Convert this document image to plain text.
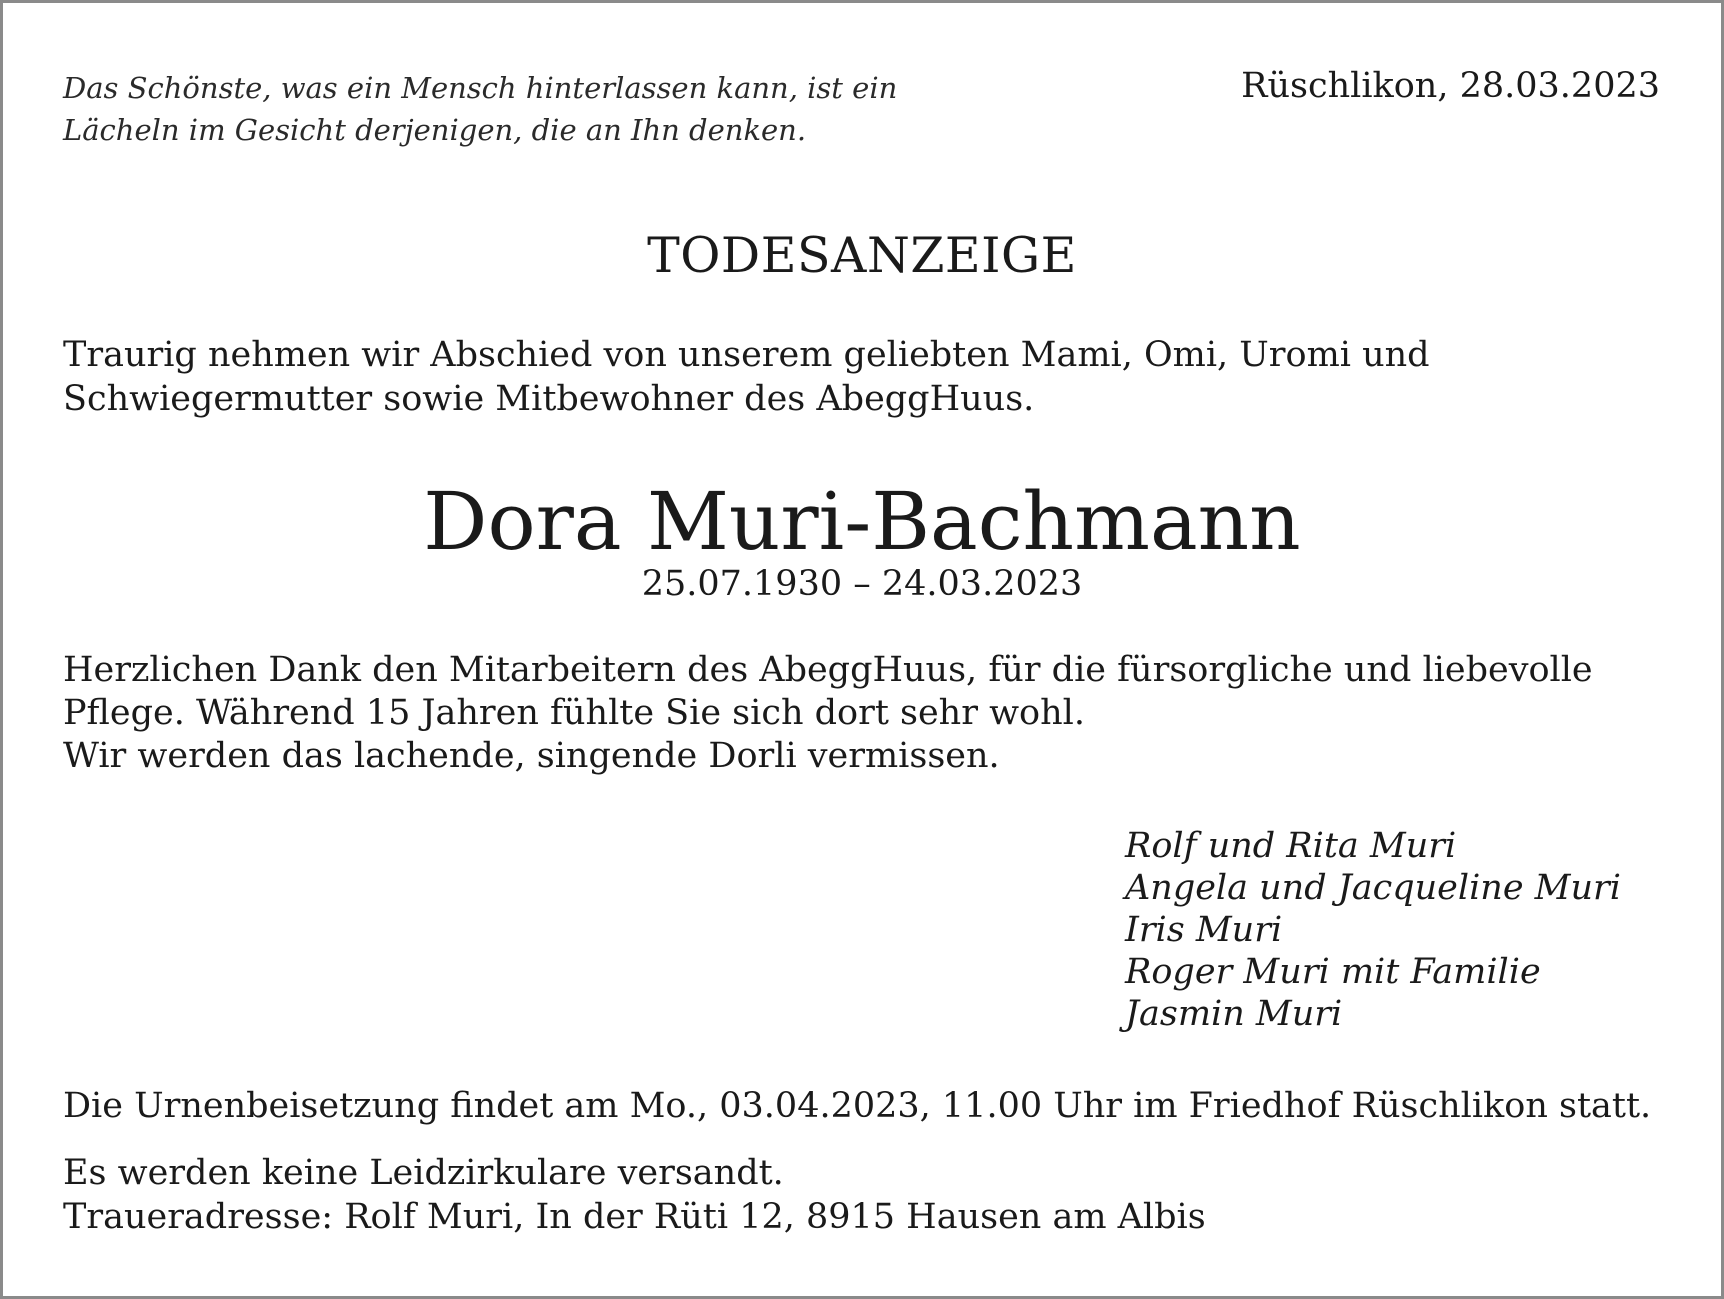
Das Schönste, was ein Mensch hinterlassen kann, ist ein
Lächeln im Gesicht derjenigen, die an Ihn denken.
Rüschlikon, 28.03.2023
TODESANZEIGE
Traurig nehmen wir Abschied von unserem geliebten Mami, Omi, Uromi und
Schwiegermutter sowie Mitbewohner des AbeggHuus.
Dora Muri-Bachmann
25.07.1930 – 24.03.2023
Herzlichen Dank den Mitarbeitern des AbeggHuus, für die fürsorgliche und liebevolle
Pflege. Während 15 Jahren fühlte Sie sich dort sehr wohl.
Wir werden das lachende, singende Dorli vermissen.
Rolf und Rita Muri
Angela und Jacqueline Muri
Iris Muri
Roger Muri mit Familie
Jasmin Muri
Die Urnenbeisetzung findet am Mo., 03.04.2023, 11.00 Uhr im Friedhof Rüschlikon statt.
Es werden keine Leidzirkulare versandt.
Traueradresse: Rolf Muri, In der Rüti 12, 8915 Hausen am Albis
